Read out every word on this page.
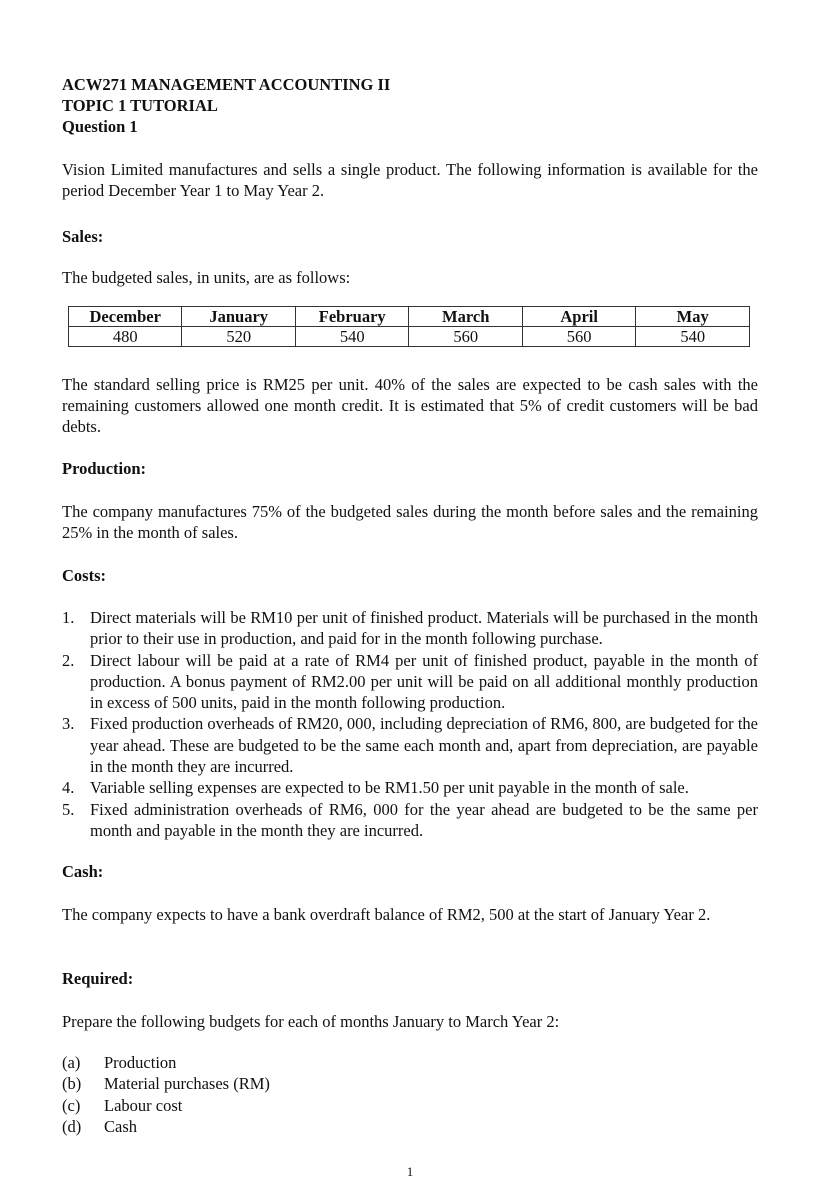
ACW271 MANAGEMENT ACCOUNTING II

TOPIC 1 TUTORIAL

Question 1

Vision Limited manufactures and sells a single product. The following information is available for the period December Year 1 to May Year 2.
Sales:
The budgeted sales, in units, are as follows:
December	January	February	March	April	May
480	520	540	560	560	540
The standard selling price is RM25 per unit. 40% of the sales are expected to be cash sales with the remaining customers allowed one month credit. It is estimated that 5% of credit customers will be bad debts.
Production:
The company manufactures 75% of the budgeted sales during the month before sales and the remaining 25% in the month of sales.
Costs:
1. Direct materials will be RM10 per unit of finished product. Materials will be purchased in the month prior to their use in production, and paid for in the month following purchase.
2. Direct labour will be paid at a rate of RM4 per unit of finished product, payable in the month of production. A bonus payment of RM2.00 per unit will be paid on all additional monthly production in excess of 500 units, paid in the month following production.
3. Fixed production overheads of RM20, 000, including depreciation of RM6, 800, are budgeted for the year ahead. These are budgeted to be the same each month and, apart from depreciation, are payable in the month they are incurred.
4. Variable selling expenses are expected to be RM1.50 per unit payable in the month of sale.
5. Fixed administration overheads of RM6, 000 for the year ahead are budgeted to be the same per month and payable in the month they are incurred.
Cash:
The company expects to have a bank overdraft balance of RM2, 500 at the start of January Year 2.
Required:
Prepare the following budgets for each of months January to March Year 2:
(a) Production
(b) Material purchases (RM)
(c) Labour cost
(d) Cash
1
